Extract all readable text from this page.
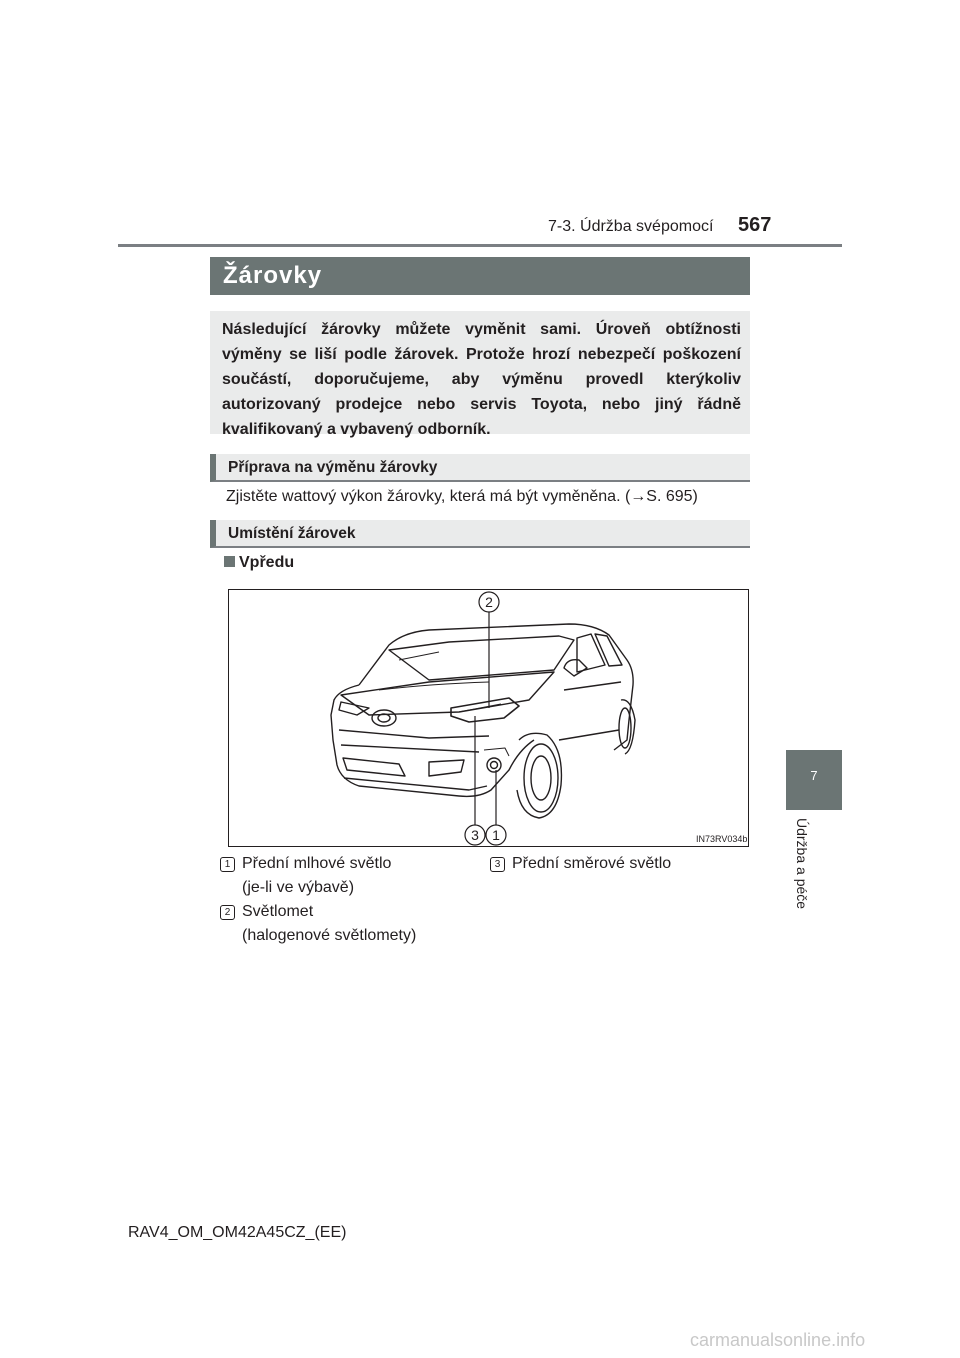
7-3. Údržba svépomocí 567
7
Údržba a péče
Žárovky
Následující žárovky můžete vyměnit sami. Úroveň obtížnosti výměny se liší podle žárovek. Protože hrozí nebezpečí poškození součástí, doporučujeme, aby výměnu provedl kterýkoliv autorizovaný prodejce nebo servis Toyota, nebo jiný řádně kvalifikovaný a vybavený odborník.
Příprava na výměnu žárovky
Zjistěte wattový výkon žárovky, která má být vyměněna. (→S. 695)
Umístění žárovek
Vpředu
2
3 1	IN73RV034b
1 Přední mlhové světlo
(je-li ve výbavě)
2 Světlomet
(halogenové světlomety)
3 Přední směrové světlo
RAV4_OM_OM42A45CZ_(EE)
carmanualsonline.info
